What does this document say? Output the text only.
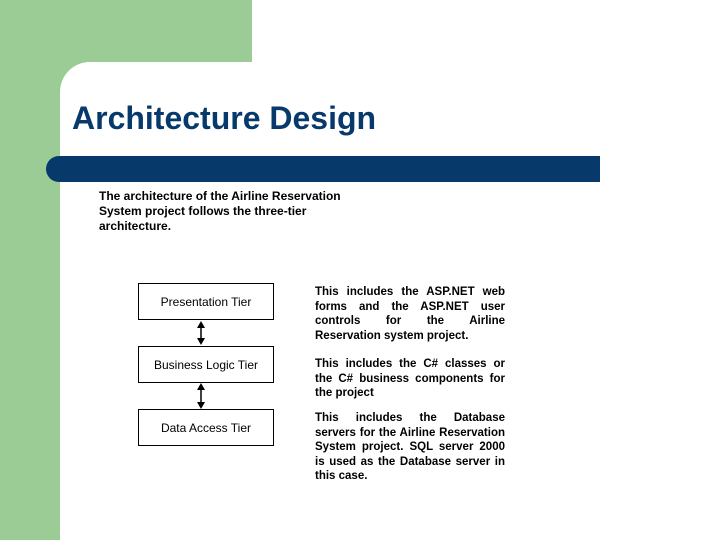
Architecture Design

The architecture of the Airline Reservation System project follows the three-tier architecture.

Presentation Tier
Business Logic Tier
Data Access Tier

This includes the ASP.NET web forms and the ASP.NET user controls for the Airline Reservation system project.

This includes the C# classes or the C# business components for the project

This includes the Database servers for the Airline Reservation System project. SQL server 2000 is used as the Database server in this case.
